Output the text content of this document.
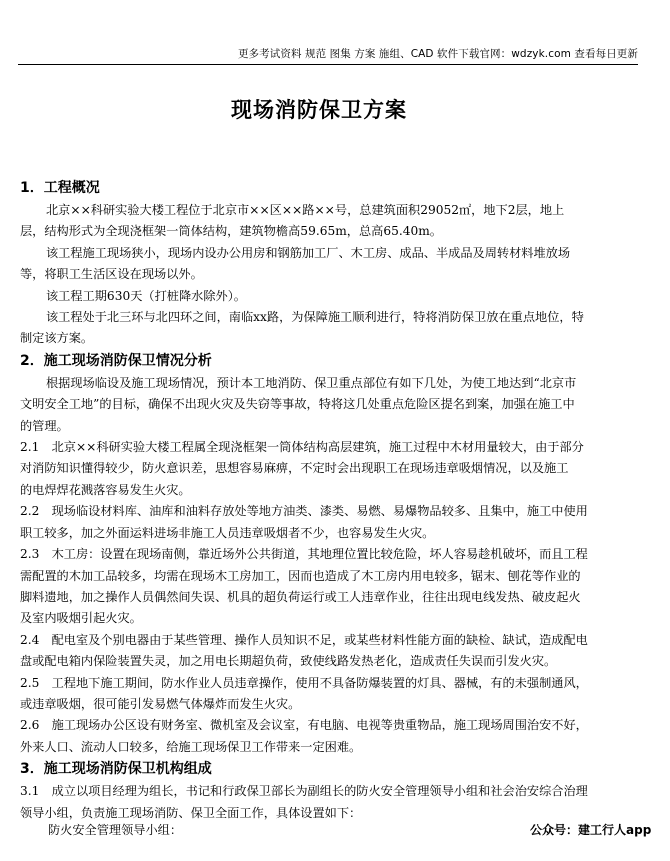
更多考试资料 规范 图集 方案 施组、CAD 软件下载官网：wdzyk.com 查看每日更新
现场消防保卫方案
1．工程概况
北京××科研实验大楼工程位于北京市××区××路××号，总建筑面积29052㎡，地下2层，地上
层，结构形式为全现浇框架一筒体结构，建筑物檐高59.65m，总高65.40m。
该工程施工现场狭小，现场内设办公用房和钢筋加工厂、木工房、成品、半成品及周转材料堆放场
等，将职工生活区设在现场以外。
该工程工期630天（打桩降水除外）。
该工程处于北三环与北四环之间，南临xx路，为保障施工顺利进行，特将消防保卫放在重点地位，特
制定该方案。
2．施工现场消防保卫情况分析
根据现场临设及施工现场情况，预计本工地消防、保卫重点部位有如下几处，为使工地达到“北京市
文明安全工地”的目标，确保不出现火灾及失窃等事故，特将这几处重点危险区提名到案，加强在施工中
的管理。
2.1　北京××科研实验大楼工程属全现浇框架一筒体结构高层建筑，施工过程中木材用量较大，由于部分
对消防知识懂得较少，防火意识差，思想容易麻痹，不定时会出现职工在现场违章吸烟情况，以及施工
的电焊焊花溅落容易发生火灾。
2.2　现场临设材料库、油库和油料存放处等地方油类、漆类、易燃、易爆物品较多、且集中，施工中使用
职工较多，加之外面运料进场非施工人员违章吸烟者不少，也容易发生火灾。
2.3　木工房：设置在现场南侧，靠近场外公共街道，其地理位置比较危险，坏人容易趁机破坏，而且工程
需配置的木加工品较多，均需在现场木工房加工，因而也造成了木工房内用电较多，锯末、刨花等作业的
脚料遗地，加之操作人员偶然间失误、机具的超负荷运行或工人违章作业，往往出现电线发热、破皮起火
及室内吸烟引起火灾。
2.4　配电室及个别电器由于某些管理、操作人员知识不足，或某些材料性能方面的缺检、缺试，造成配电
盘或配电箱内保险装置失灵，加之用电长期超负荷，致使线路发热老化，造成责任失误而引发火灾。
2.5　工程地下施工期间，防水作业人员违章操作，使用不具备防爆装置的灯具、器械，有的未强制通风，
或违章吸烟，很可能引发易燃气体爆炸而发生火灾。
2.6　施工现场办公区设有财务室、微机室及会议室，有电脑、电视等贵重物品，施工现场周围治安不好，
外来人口、流动人口较多，给施工现场保卫工作带来一定困难。
3．施工现场消防保卫机构组成
3.1　成立以项目经理为组长，书记和行政保卫部长为副组长的防火安全管理领导小组和社会治安综合治理
领导小组，负责施工现场消防、保卫全面工作，具体设置如下：
防火安全管理领导小组：	公众号：建工行人app
